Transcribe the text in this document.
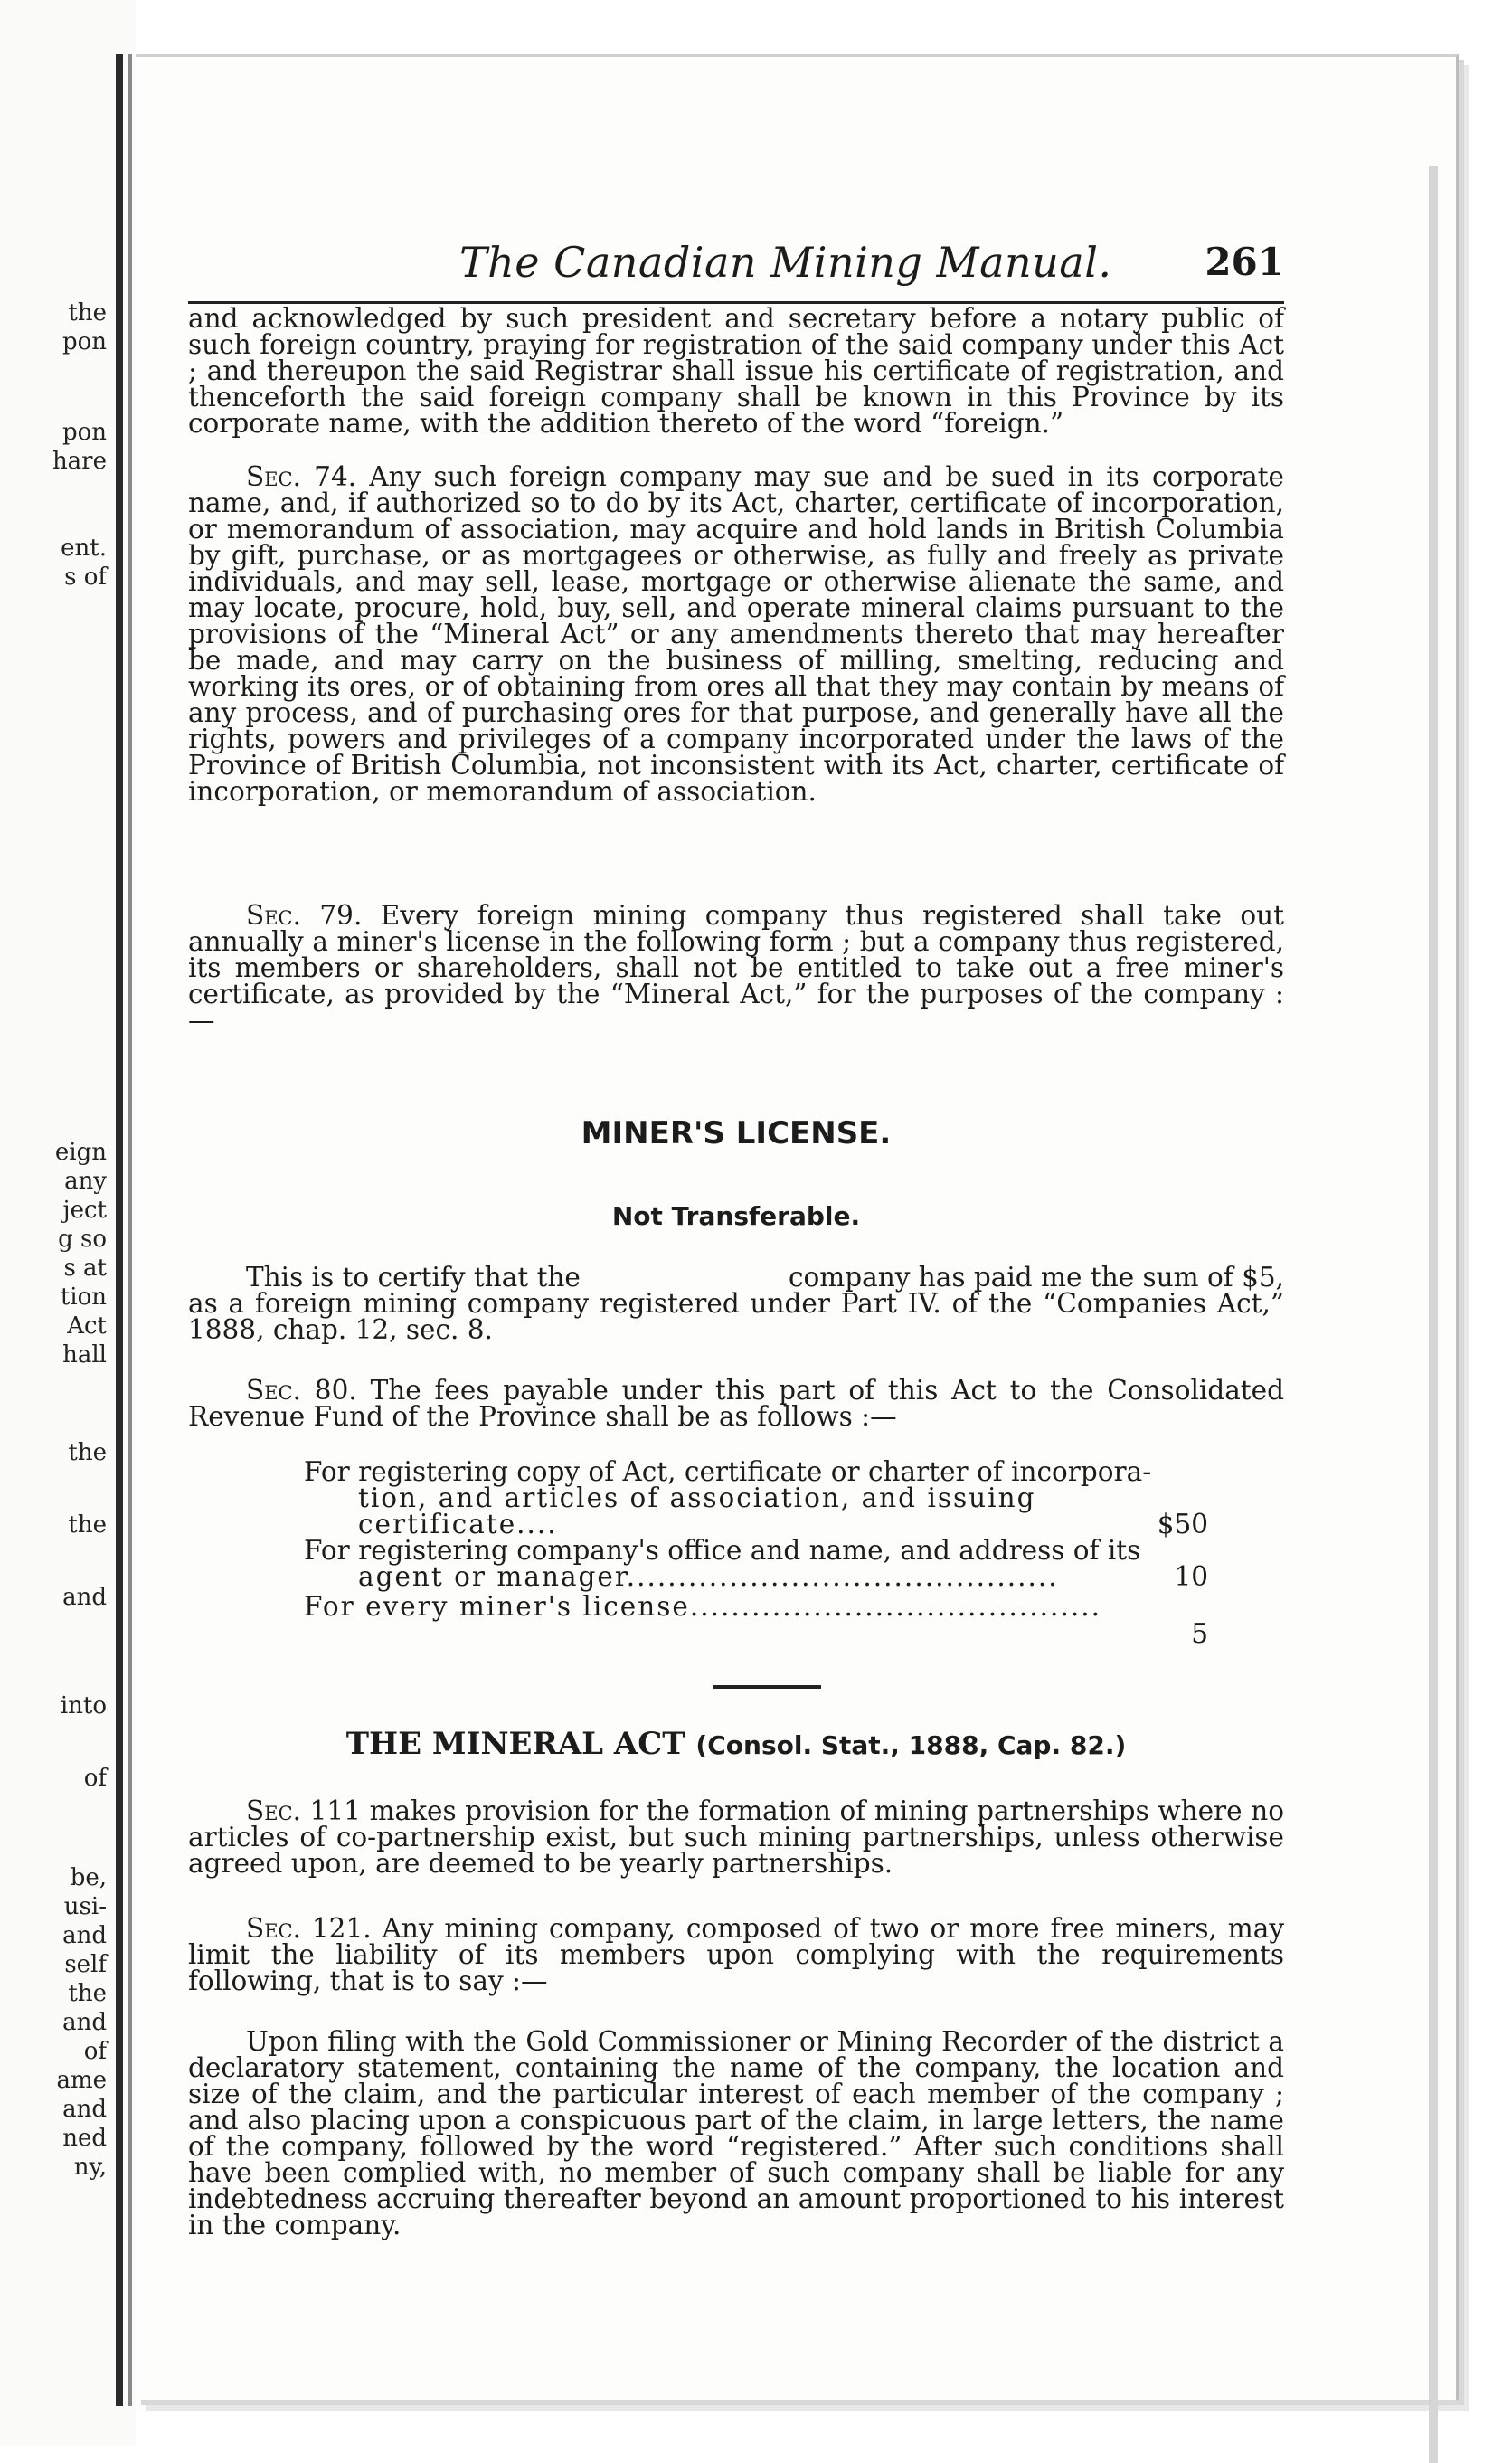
the
pon
pon
hare
ent.
s of
eign
any
ject
g so
s at
tion
Act
hall
the
the
and
into
of
be,
usi-
and
self
the
and
of
ame
and
ned
ny,
The Canadian Mining Manual. 261
and acknowledged by such president and secretary before a notary public of such foreign country, praying for registration of the said company under this Act ; and thereupon the said Registrar shall issue his certificate of registration, and thenceforth the said foreign company shall be known in this Province by its corporate name, with the addition thereto of the word “foreign.”
Sec. 74. Any such foreign company may sue and be sued in its corporate name, and, if authorized so to do by its Act, charter, certificate of incorporation, or memorandum of association, may acquire and hold lands in British Columbia by gift, purchase, or as mortgagees or otherwise, as fully and freely as private individuals, and may sell, lease, mortgage or otherwise alienate the same, and may locate, procure, hold, buy, sell, and operate mineral claims pursuant to the provisions of the “Mineral Act” or any amendments thereto that may hereafter be made, and may carry on the business of milling, smelting, reducing and working its ores, or of obtaining from ores all that they may contain by means of any process, and of purchasing ores for that purpose, and generally have all the rights, powers and privileges of a company incorporated under the laws of the Province of British Columbia, not inconsistent with its Act, charter, certificate of incorporation, or memorandum of association.
Sec. 79. Every foreign mining company thus registered shall take out annually a miner's license in the following form ; but a company thus registered, its members or shareholders, shall not be entitled to take out a free miner's certificate, as provided by the “Mineral Act,” for the purposes of the company :—
MINER'S LICENSE.
Not Transferable.
This is to certify that the	company has paid me the sum of $5,
as a foreign mining company registered under Part IV. of the “Companies Act,” 1888, chap. 12, sec. 8.
Sec. 80. The fees payable under this part of this Act to the Consolidated Revenue Fund of the Province shall be as follows :—
For registering copy of Act, certificate or charter of incorpora-
tion, and articles of association, and issuing certificate....	$50
For registering company's office and name, and address of its
agent or manager..........................................	10
For every miner's license........................................
5
THE MINERAL ACT (Consol. Stat., 1888, Cap. 82.)
Sec. 111 makes provision for the formation of mining partnerships where no articles of co-partnership exist, but such mining partnerships, unless otherwise agreed upon, are deemed to be yearly partnerships.
Sec. 121. Any mining company, composed of two or more free miners, may limit the liability of its members upon complying with the requirements following, that is to say :—
Upon filing with the Gold Commissioner or Mining Recorder of the district a declaratory statement, containing the name of the company, the location and size of the claim, and the particular interest of each member of the company ; and also placing upon a conspicuous part of the claim, in large letters, the name of the company, followed by the word “registered.” After such conditions shall have been complied with, no member of such company shall be liable for any indebtedness accruing thereafter beyond an amount proportioned to his interest in the company.
